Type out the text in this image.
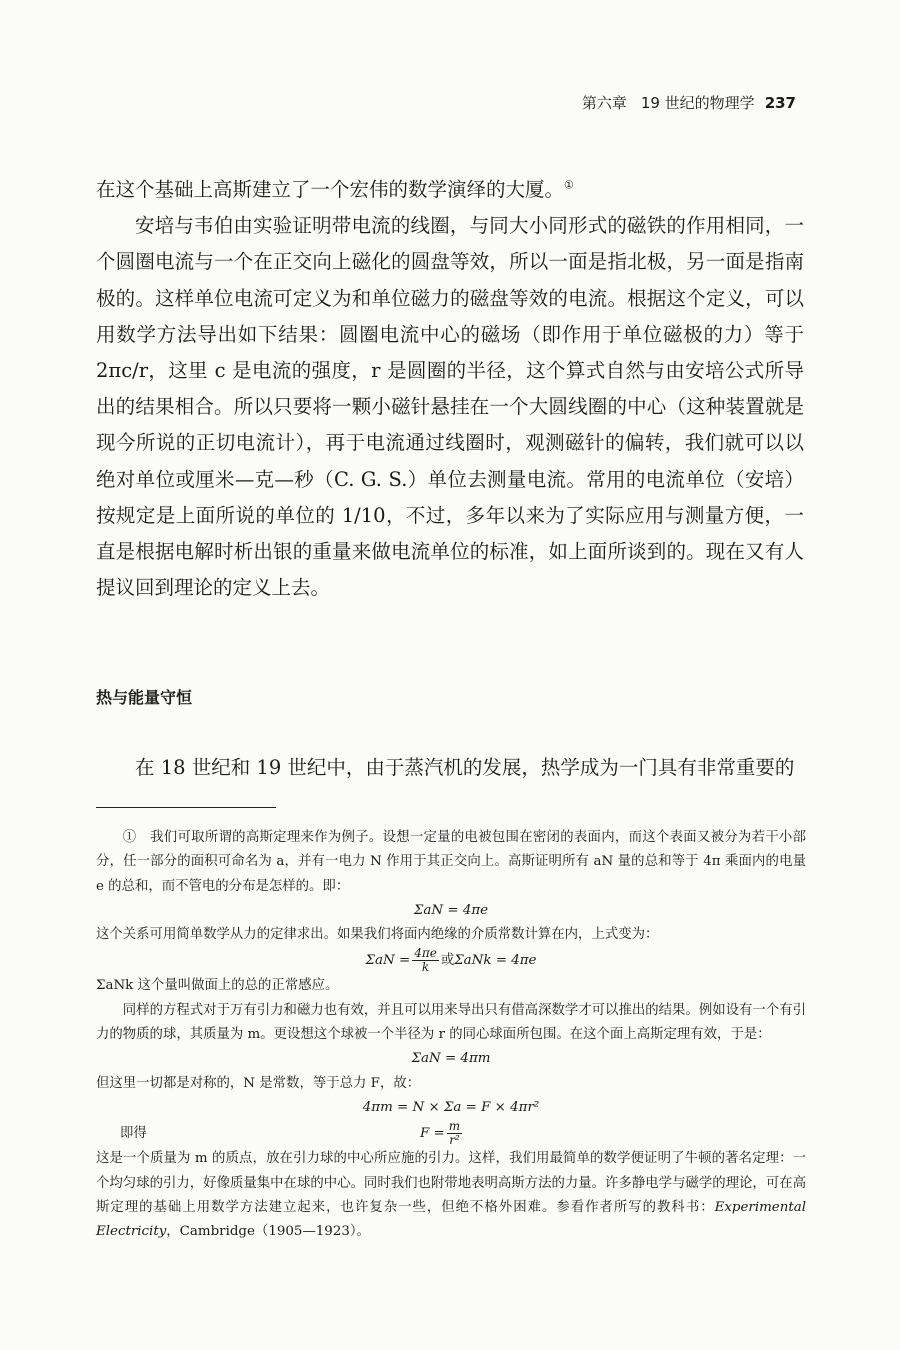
第六章 19 世纪的物理学 237

在这个基础上高斯建立了一个宏伟的数学演绎的大厦。①

安培与韦伯由实验证明带电流的线圈，与同大小同形式的磁铁的作用相同，一个圆圈电流与一个在正交向上磁化的圆盘等效，所以一面是指北极，另一面是指南极的。这样单位电流可定义为和单位磁力的磁盘等效的电流。根据这个定义，可以用数学方法导出如下结果：圆圈电流中心的磁场（即作用于单位磁极的力）等于 2πc/r，这里 c 是电流的强度，r 是圆圈的半径，这个算式自然与由安培公式所导出的结果相合。所以只要将一颗小磁针悬挂在一个大圆线圈的中心（这种装置就是现今所说的正切电流计），再于电流通过线圈时，观测磁针的偏转，我们就可以以绝对单位或厘米—克—秒（C. G. S.）单位去测量电流。常用的电流单位（安培）按规定是上面所说的单位的 1/10，不过，多年以来为了实际应用与测量方便，一直是根据电解时析出银的重量来做电流单位的标准，如上面所谈到的。现在又有人提议回到理论的定义上去。

热与能量守恒

在 18 世纪和 19 世纪中，由于蒸汽机的发展，热学成为一门具有非常重要的

①　我们可取所谓的高斯定理来作为例子。设想一定量的电被包围在密闭的表面内，而这个表面又被分为若干小部分，任一部分的面积可命名为 a，并有一电力 N 作用于其正交向上。高斯证明所有 aN 量的总和等于 4π 乘面内的电量 e 的总和，而不管电的分布是怎样的。即：

ΣaN = 4πe

这个关系可用简单数学从力的定律求出。如果我们将面内绝缘的介质常数计算在内，上式变为：

$\Sigma aN = \frac{4\pi e}{k}$ 或 ΣaNk = 4πe

ΣaNk 这个量叫做面上的总的正常感应。

同样的方程式对于万有引力和磁力也有效，并且可以用来导出只有借高深数学才可以推出的结果。例如设有一个有引力的物质的球，其质量为 m。更设想这个球被一个半径为 r 的同心球面所包围。在这个面上高斯定理有效，于是：

ΣaN = 4πm

但这里一切都是对称的，N 是常数，等于总力 F，故：

4πm = N × Σa = F × 4πr²
即得	$F = \frac{m}{\text{r²}}$

这是一个质量为 m 的质点，放在引力球的中心所应施的引力。这样，我们用最简单的数学便证明了牛顿的著名定理：一个均匀球的引力，好像质量集中在球的中心。同时我们也附带地表明高斯方法的力量。许多静电学与磁学的理论，可在高斯定理的基础上用数学方法建立起来，也许复杂一些，但绝不格外困难。参看作者所写的教科书：Experimental Electricity，Cambridge（1905—1923）。
